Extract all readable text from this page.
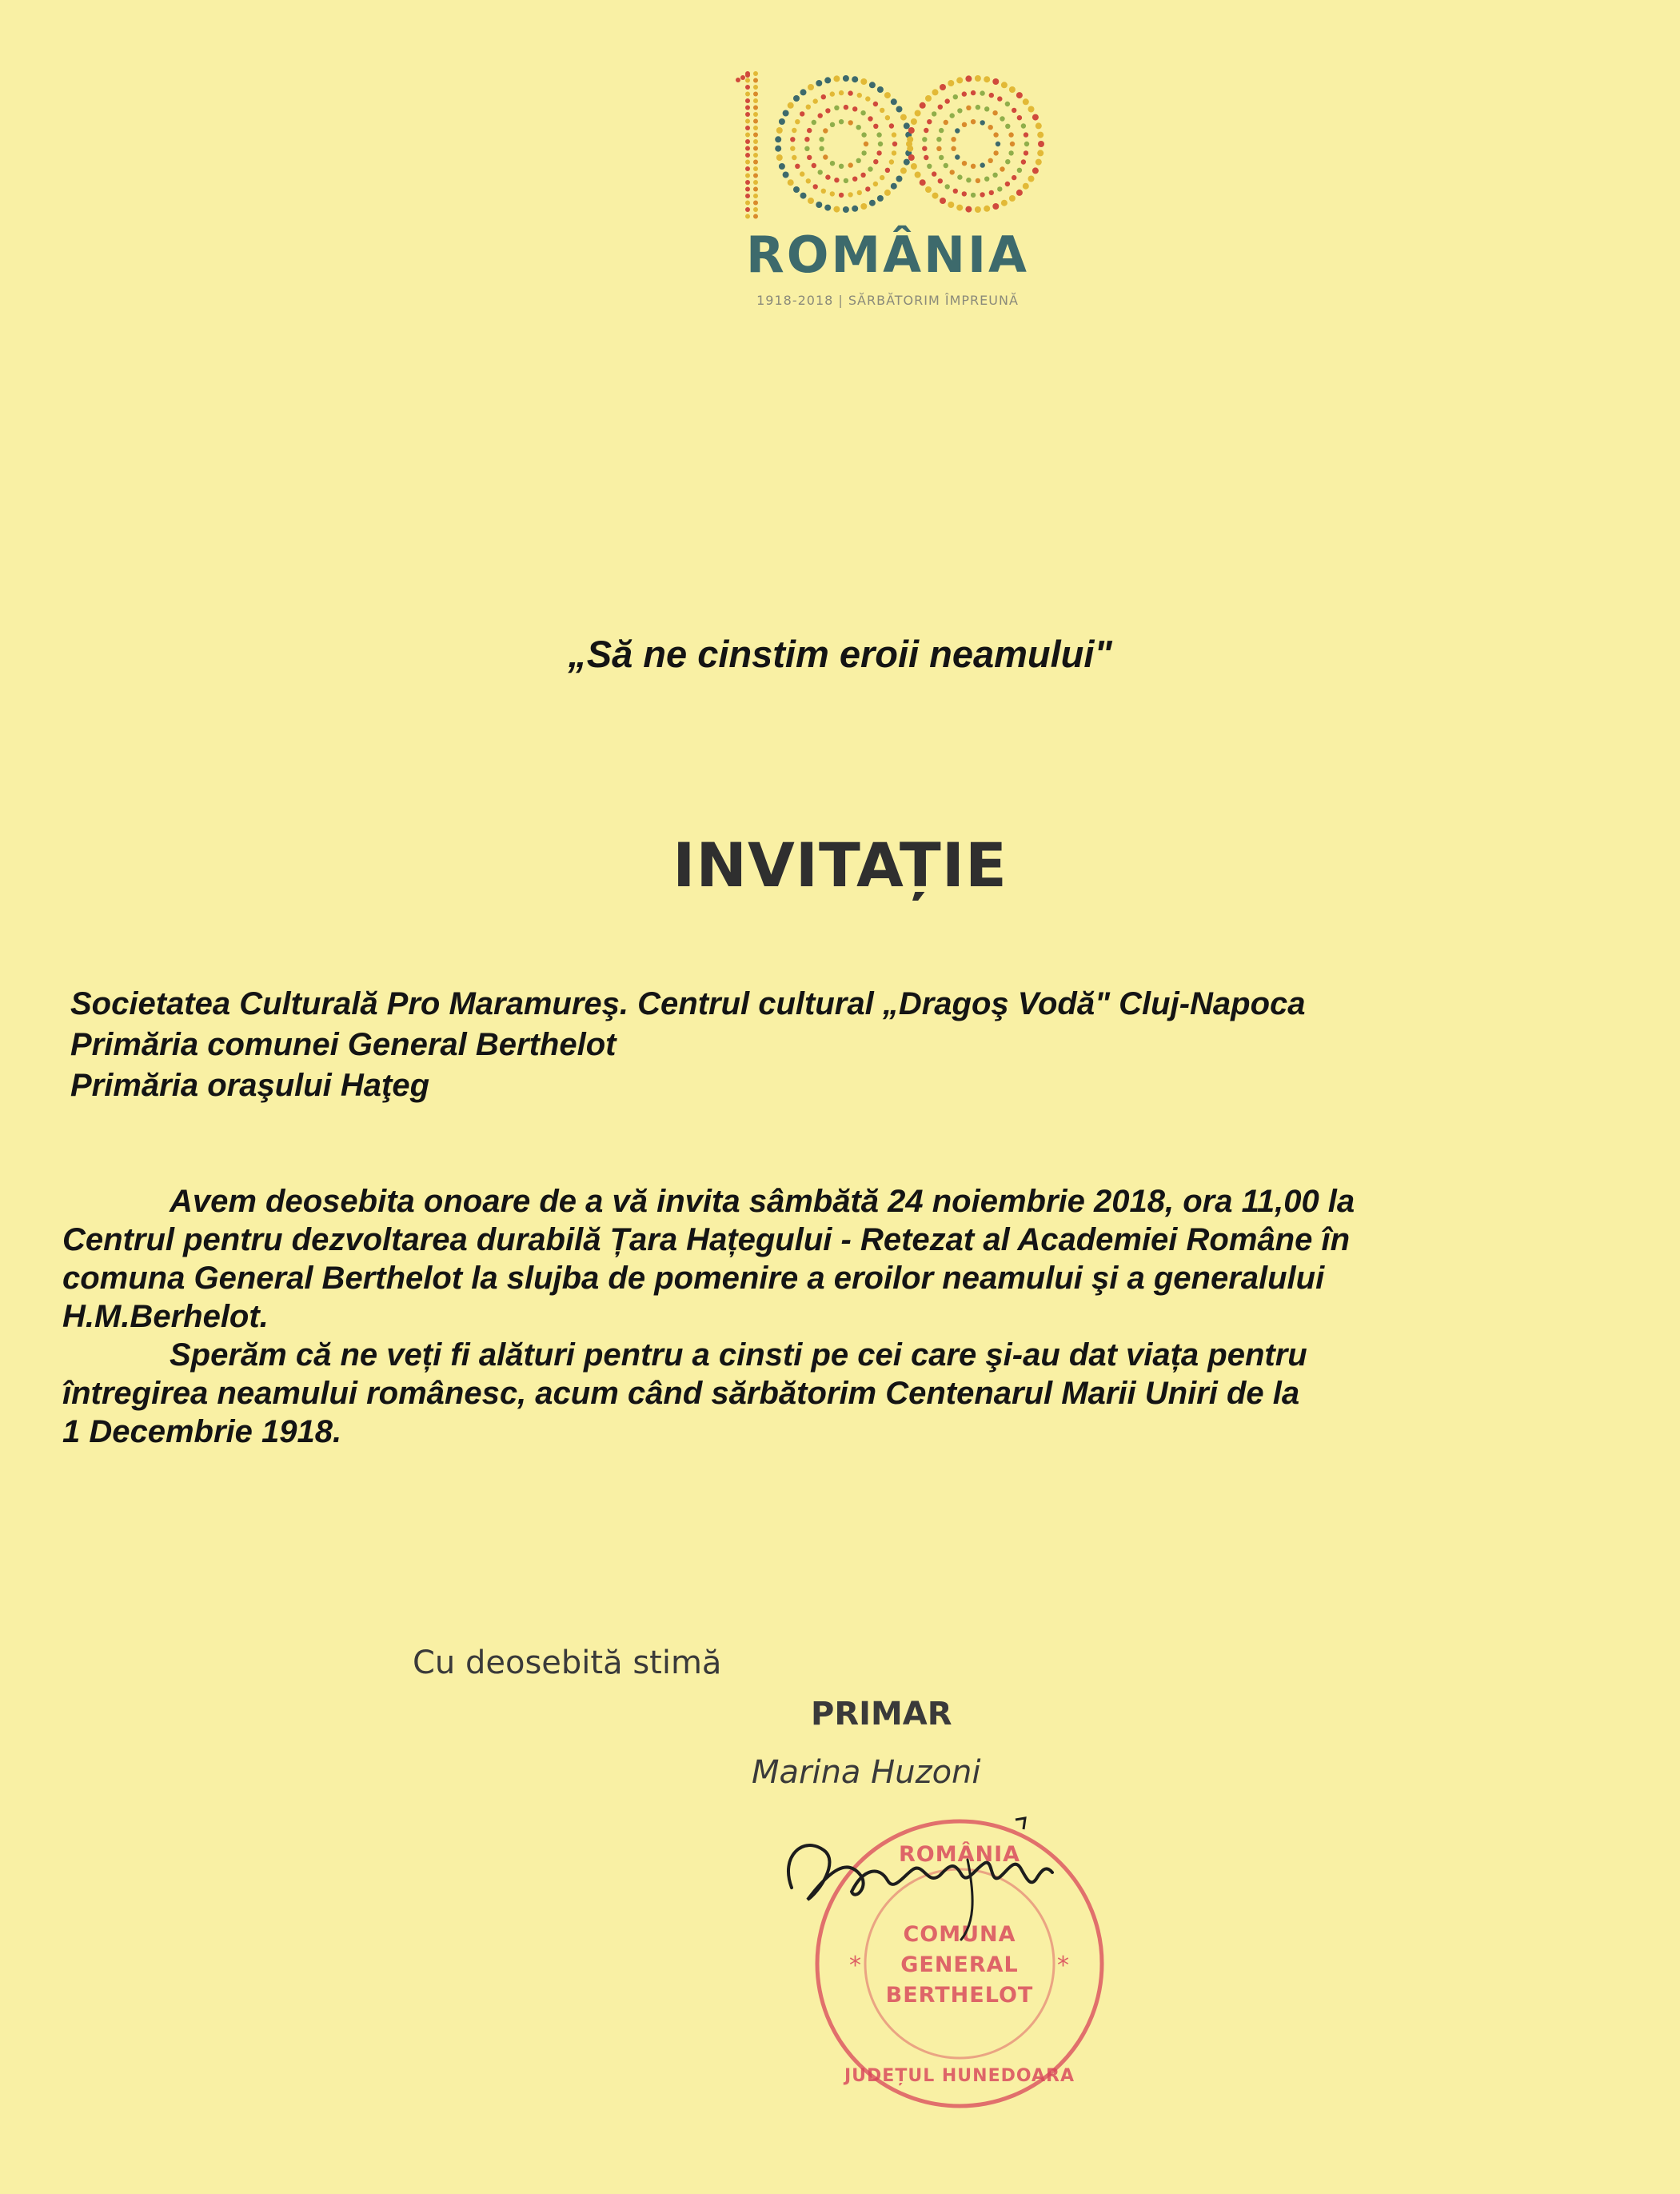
ROMÂNIA
1918-2018 | SĂRBĂTORIM ÎMPREUNĂ
„Să ne cinstim eroii neamului"
INVITAȚIE
Societatea Culturală Pro Maramureş. Centrul cultural „Dragoş Vodă" Cluj-Napoca
Primăria comunei General Berthelot
Primăria oraşului Haţeg
Avem deosebita onoare de a vă invita sâmbătă 24 noiembrie 2018, ora 11,00 la
Centrul pentru dezvoltarea durabilă Țara Hațegului - Retezat al Academiei Române în
comuna General Berthelot la slujba de pomenire a eroilor neamului şi a generalului
H.M.Berhelot.
Sperăm că ne veți fi alături pentru a cinsti pe cei care şi-au dat viața pentru
întregirea neamului românesc, acum când sărbătorim Centenarul Marii Uniri de la
1 Decembrie 1918.
Cu deosebită stimă
PRIMAR
Marina Huzoni
*	*
ROMÂNIA
COMUNA
GENERAL
BERTHELOT
JUDEȚUL HUNEDOARA
